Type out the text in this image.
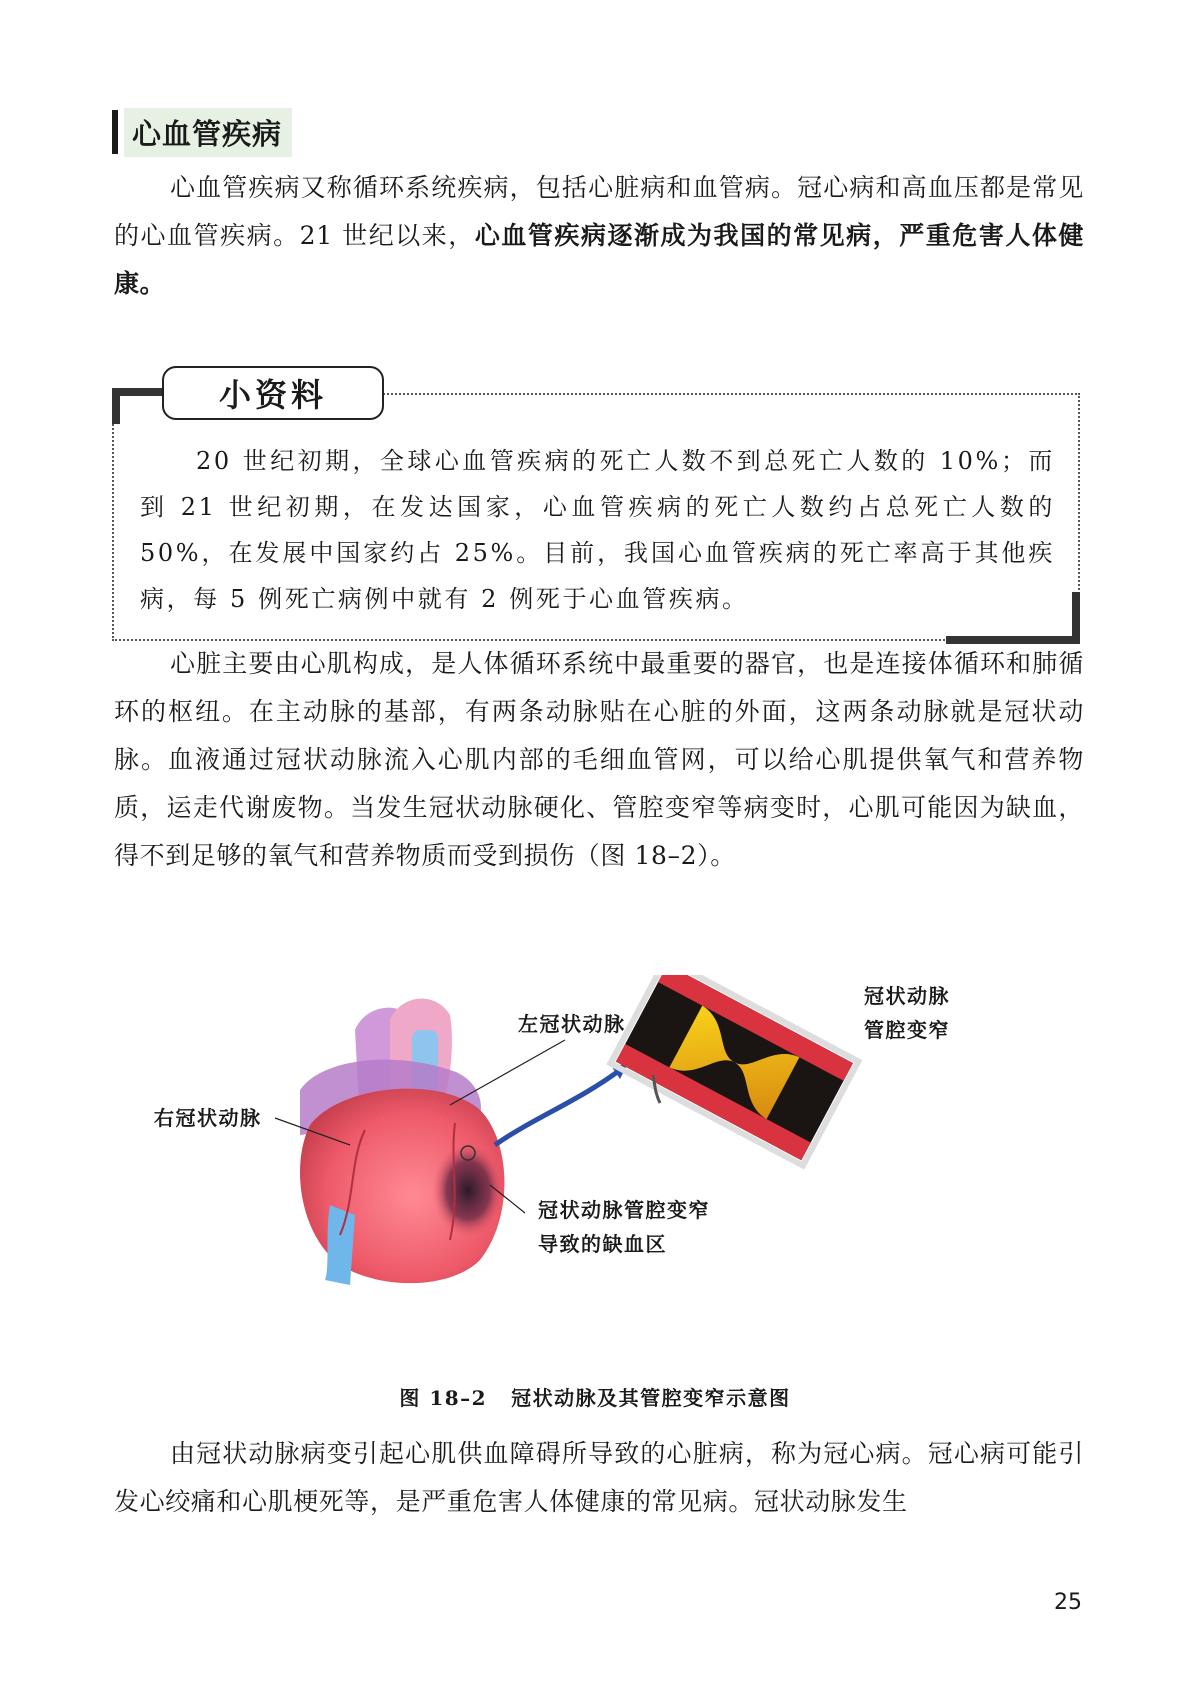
心血管疾病

心血管疾病又称循环系统疾病，包括心脏病和血管病。冠心病和高血压都是常见的心血管疾病。21 世纪以来，心血管疾病逐渐成为我国的常见病，严重危害人体健康。

小资料

20 世纪初期，全球心血管疾病的死亡人数不到总死亡人数的 10%；而到 21 世纪初期，在发达国家，心血管疾病的死亡人数约占总死亡人数的 50%，在发展中国家约占 25%。目前，我国心血管疾病的死亡率高于其他疾病，每 5 例死亡病例中就有 2 例死于心血管疾病。

心脏主要由心肌构成，是人体循环系统中最重要的器官，也是连接体循环和肺循环的枢纽。在主动脉的基部，有两条动脉贴在心脏的外面，这两条动脉就是冠状动脉。血液通过冠状动脉流入心肌内部的毛细血管网，可以给心肌提供氧气和营养物质，运走代谢废物。当发生冠状动脉硬化、管腔变窄等病变时，心肌可能因为缺血，得不到足够的氧气和营养物质而受到损伤（图 18–2）。

左冠状动脉
右冠状动脉
冠状动脉
管腔变窄
冠状动脉管腔变窄
导致的缺血区
图 18–2 冠状动脉及其管腔变窄示意图

由冠状动脉病变引起心肌供血障碍所导致的心脏病，称为冠心病。冠心病可能引发心绞痛和心肌梗死等，是严重危害人体健康的常见病。冠状动脉发生

25
